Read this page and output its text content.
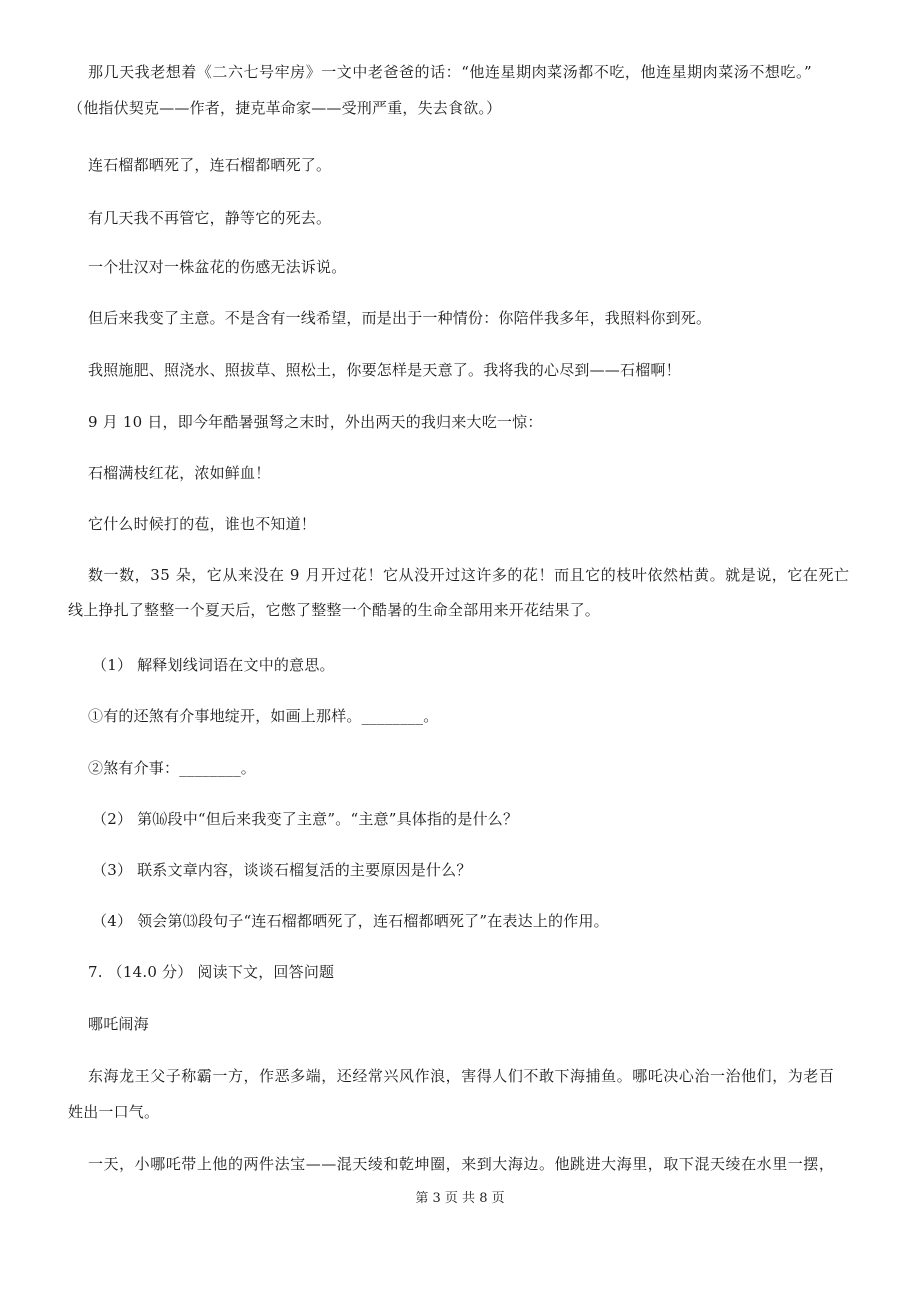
那几天我老想着《二六七号牢房》一文中老爸爸的话：“他连星期肉菜汤都不吃，他连星期肉菜汤不想吃。”
（他指伏契克——作者，捷克革命家——受刑严重，失去食欲。）
连石榴都晒死了，连石榴都晒死了。
有几天我不再管它，静等它的死去。
一个壮汉对一株盆花的伤感无法诉说。
但后来我变了主意。不是含有一线希望，而是出于一种情份：你陪伴我多年，我照料你到死。
我照施肥、照浇水、照拔草、照松土，你要怎样是天意了。我将我的心尽到——石榴啊！
9 月 10 日，即今年酷暑强弩之末时，外出两天的我归来大吃一惊：
石榴满枝红花，浓如鲜血！
它什么时候打的苞，谁也不知道！
数一数，35 朵，它从来没在 9 月开过花！它从没开过这许多的花！而且它的枝叶依然枯黄。就是说，它在死亡
线上挣扎了整整一个夏天后，它憋了整整一个酷暑的生命全部用来开花结果了。
（1） 解释划线词语在文中的意思。
①有的还煞有介事地绽开，如画上那样。________。
②煞有介事：________。
（2） 第⒃段中“但后来我变了主意”。“主意”具体指的是什么？
（3） 联系文章内容，谈谈石榴复活的主要原因是什么？
（4） 领会第⒀段句子“连石榴都晒死了，连石榴都晒死了”在表达上的作用。
7. （14.0 分） 阅读下文，回答问题
哪吒闹海
东海龙王父子称霸一方，作恶多端，还经常兴风作浪，害得人们不敢下海捕鱼。哪吒决心治一治他们，为老百
姓出一口气。
一天，小哪吒带上他的两件法宝——混天绫和乾坤圈，来到大海边。他跳进大海里，取下混天绫在水里一摆，
第 3 页 共 8 页
